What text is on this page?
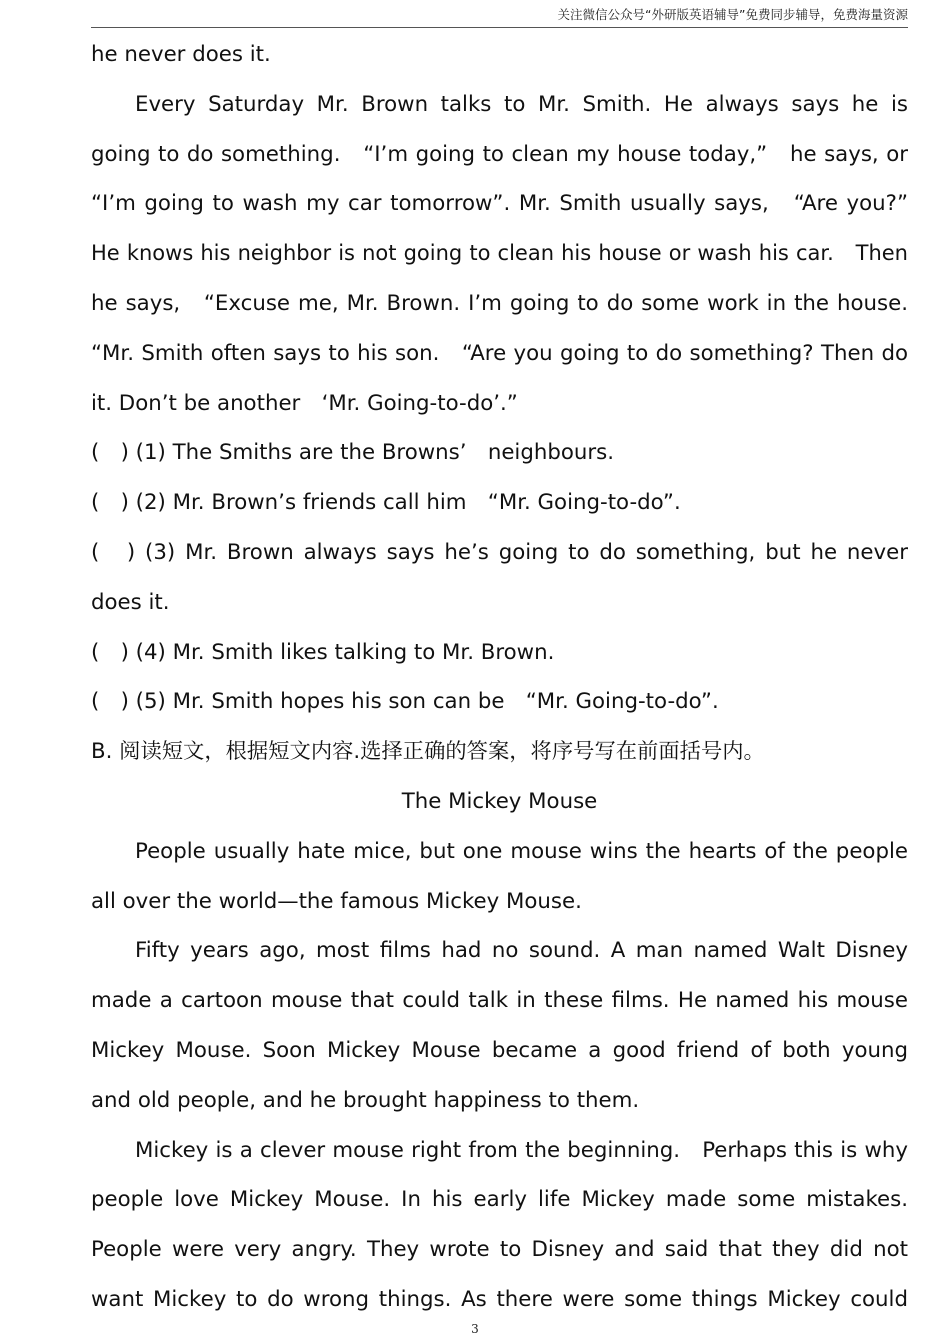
关注微信公众号“外研版英语辅导”免费同步辅导，免费海量资源
he never does it.
Every Saturday Mr. Brown talks to Mr. Smith. He always says he is
going to do something.　“I’m going to clean my house today,”　he says, or
“I’m going to wash my car tomorrow”. Mr. Smith usually says,　“Are you?”
He knows his neighbor is not going to clean his house or wash his car.　Then
he says,　“Excuse me, Mr. Brown. I’m going to do some work in the house.
“Mr. Smith often says to his son.　“Are you going to do something? Then do
it. Don’t be another　‘Mr. Going-to-do’.”
(　) (1) The Smiths are the Browns’　neighbours.
(　) (2) Mr. Brown’s friends call him　“Mr. Going-to-do”.
(　) (3) Mr. Brown always says he’s going to do something, but he never
does it.
(　) (4) Mr. Smith likes talking to Mr. Brown.
(　) (5) Mr. Smith hopes his son can be　“Mr. Going-to-do”.
B. 阅读短文，根据短文内容.选择正确的答案，将序号写在前面括号内。
The Mickey Mouse
People usually hate mice, but one mouse wins the hearts of the people
all over the world—the famous Mickey Mouse.
Fifty years ago, most films had no sound. A man named Walt Disney
made a cartoon mouse that could talk in these films. He named his mouse
Mickey Mouse. Soon Mickey Mouse became a good friend of both young
and old people, and he brought happiness to them.
Mickey is a clever mouse right from the beginning.　Perhaps this is why
people love Mickey Mouse. In his early life Mickey made some mistakes.
People were very angry. They wrote to Disney and said that they did not
want Mickey to do wrong things. As there were some things Mickey could
3
